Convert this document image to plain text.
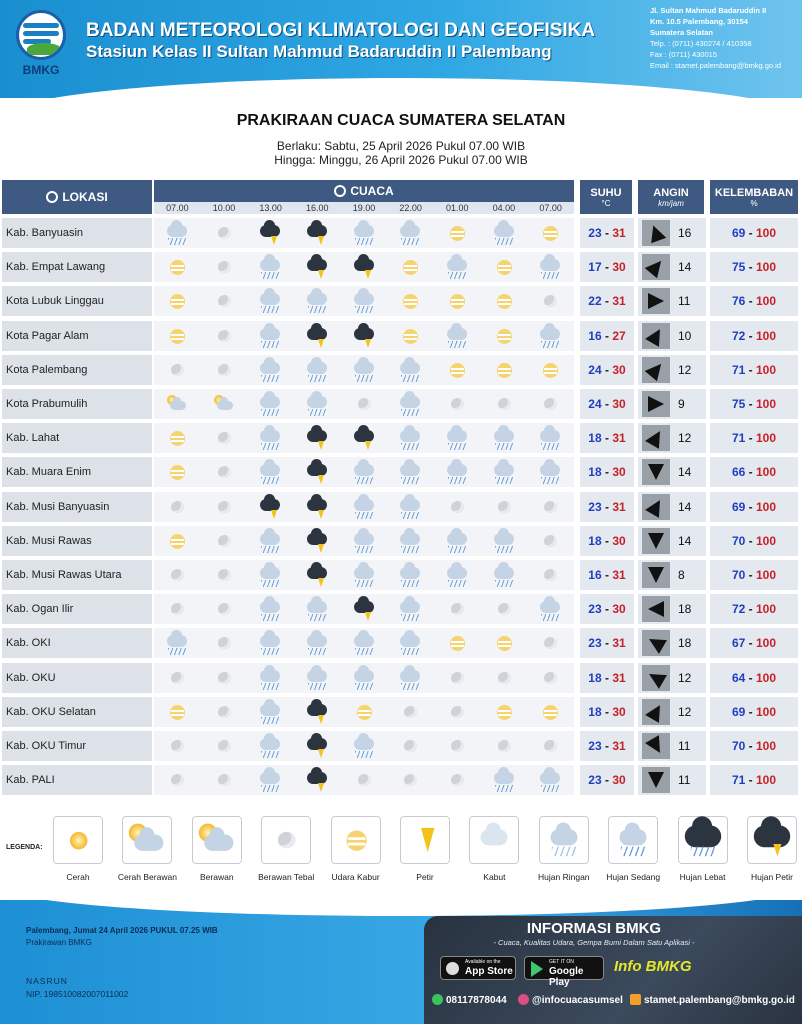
BMKG
BADAN METEOROLOGI KLIMATOLOGI DAN GEOFISIKA
Stasiun Kelas II Sultan Mahmud Badaruddin II Palembang
Jl. Sultan Mahmud Badaruddin II
Km. 10.5 Palembang, 30154
Sumatera Selatan
Telp. : (0711) 430274 / 410358
Fax : (0711) 430015
Email : stamet.palembang@bmkg.go.id
PRAKIRAAN CUACA SUMATERA SELATAN
Berlaku: Sabtu, 25 April 2026 Pukul 07.00 WIB
Hingga: Minggu, 26 April 2026 Pukul 07.00 WIB
LOKASI	CUACA
07.00	10.00	13.00	16.00	19.00	22.00	01.00	04.00	07.00
SUHU
°C
ANGIN
km/jam
KELEMBABAN
%
Kab. Banyuasin	23 - 31	16	69 - 100
Kab. Empat Lawang	17 - 30	14	75 - 100
Kota Lubuk Linggau	22 - 31	11	76 - 100
Kota Pagar Alam	16 - 27	10	72 - 100
Kota Palembang	24 - 30	12	71 - 100
Kota Prabumulih	24 - 30	9	75 - 100
Kab. Lahat	18 - 31	12	71 - 100
Kab. Muara Enim	18 - 30	14	66 - 100
Kab. Musi Banyuasin	23 - 31	14	69 - 100
Kab. Musi Rawas	18 - 30	14	70 - 100
Kab. Musi Rawas Utara	16 - 31	8	70 - 100
Kab. Ogan Ilir	23 - 30	18	72 - 100
Kab. OKI	23 - 31	18	67 - 100
Kab. OKU	18 - 31	12	64 - 100
Kab. OKU Selatan	18 - 30	12	69 - 100
Kab. OKU Timur	23 - 31	11	70 - 100
Kab. PALI	23 - 30	11	71 - 100
LEGENDA:
Cerah	Cerah Berawan	Berawan	Berawan Tebal	Udara Kabur	Petir	Kabut	Hujan Ringan	Hujan Sedang	Hujan Lebat	Hujan Petir
Palembang, Jumat 24 April 2026 PUKUL 07.25 WIB
Prakirawan BMKG
NASRUN
NIP. 198510082007011002
INFORMASI BMKG
- Cuaca, Kualitas Udara, Gempa Bumi Dalam Satu Aplikasi -
Available on the
App Store
GET IT ON
Google Play
Info BMKG
08117878044	@infocuacasumsel	stamet.palembang@bmkg.go.id
